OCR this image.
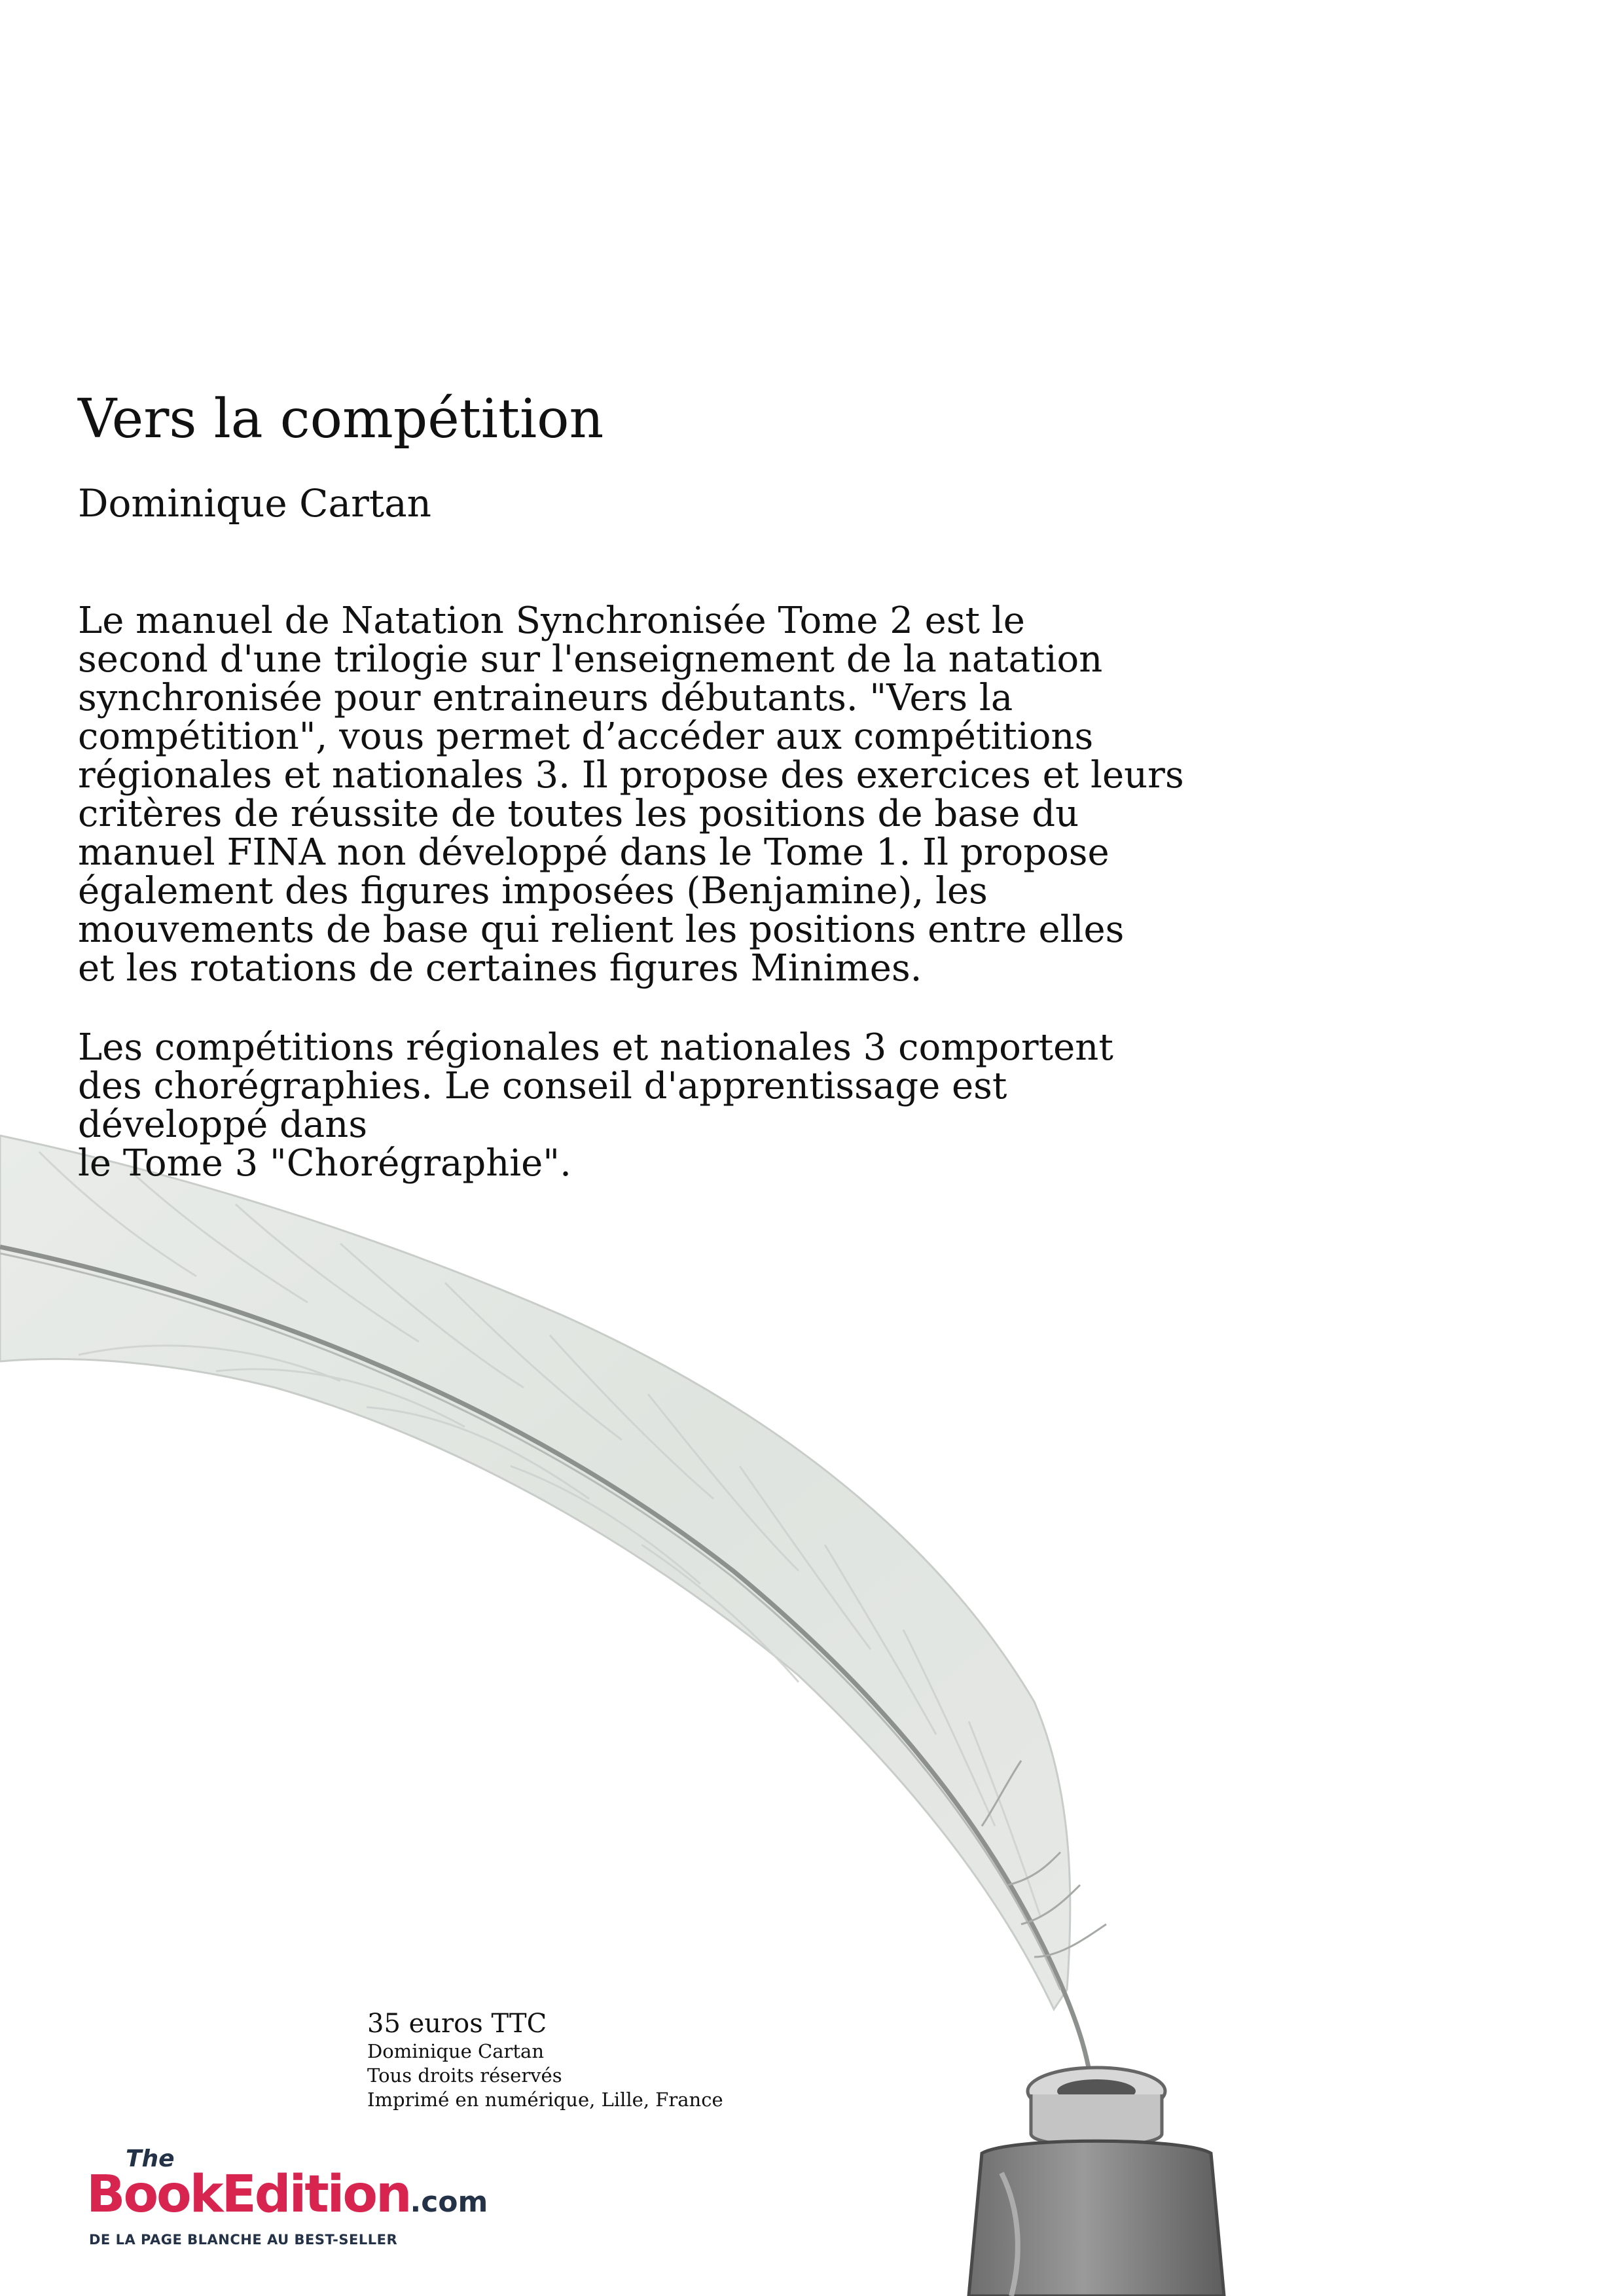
Vers la compétition
Dominique Cartan

Le manuel de Natation Synchronisée Tome 2 est le
second d'une trilogie sur l'enseignement de la natation
synchronisée pour entraineurs débutants. "Vers la
compétition", vous permet d’accéder aux compétitions
régionales et nationales 3. Il propose des exercices et leurs
critères de réussite de toutes les positions de base du
manuel FINA non développé dans le Tome 1. Il propose
également des figures imposées (Benjamine), les
mouvements de base qui relient les positions entre elles
et les rotations de certaines figures Minimes.

Les compétitions régionales et nationales 3 comportent
des chorégraphies. Le conseil d'apprentissage est
développé dans
le Tome 3 "Chorégraphie".

35 euros TTC
Dominique Cartan
Tous droits réservés
Imprimé en numérique, Lille, France
The
BookEdition.com
DE LA PAGE BLANCHE AU BEST-SELLER
